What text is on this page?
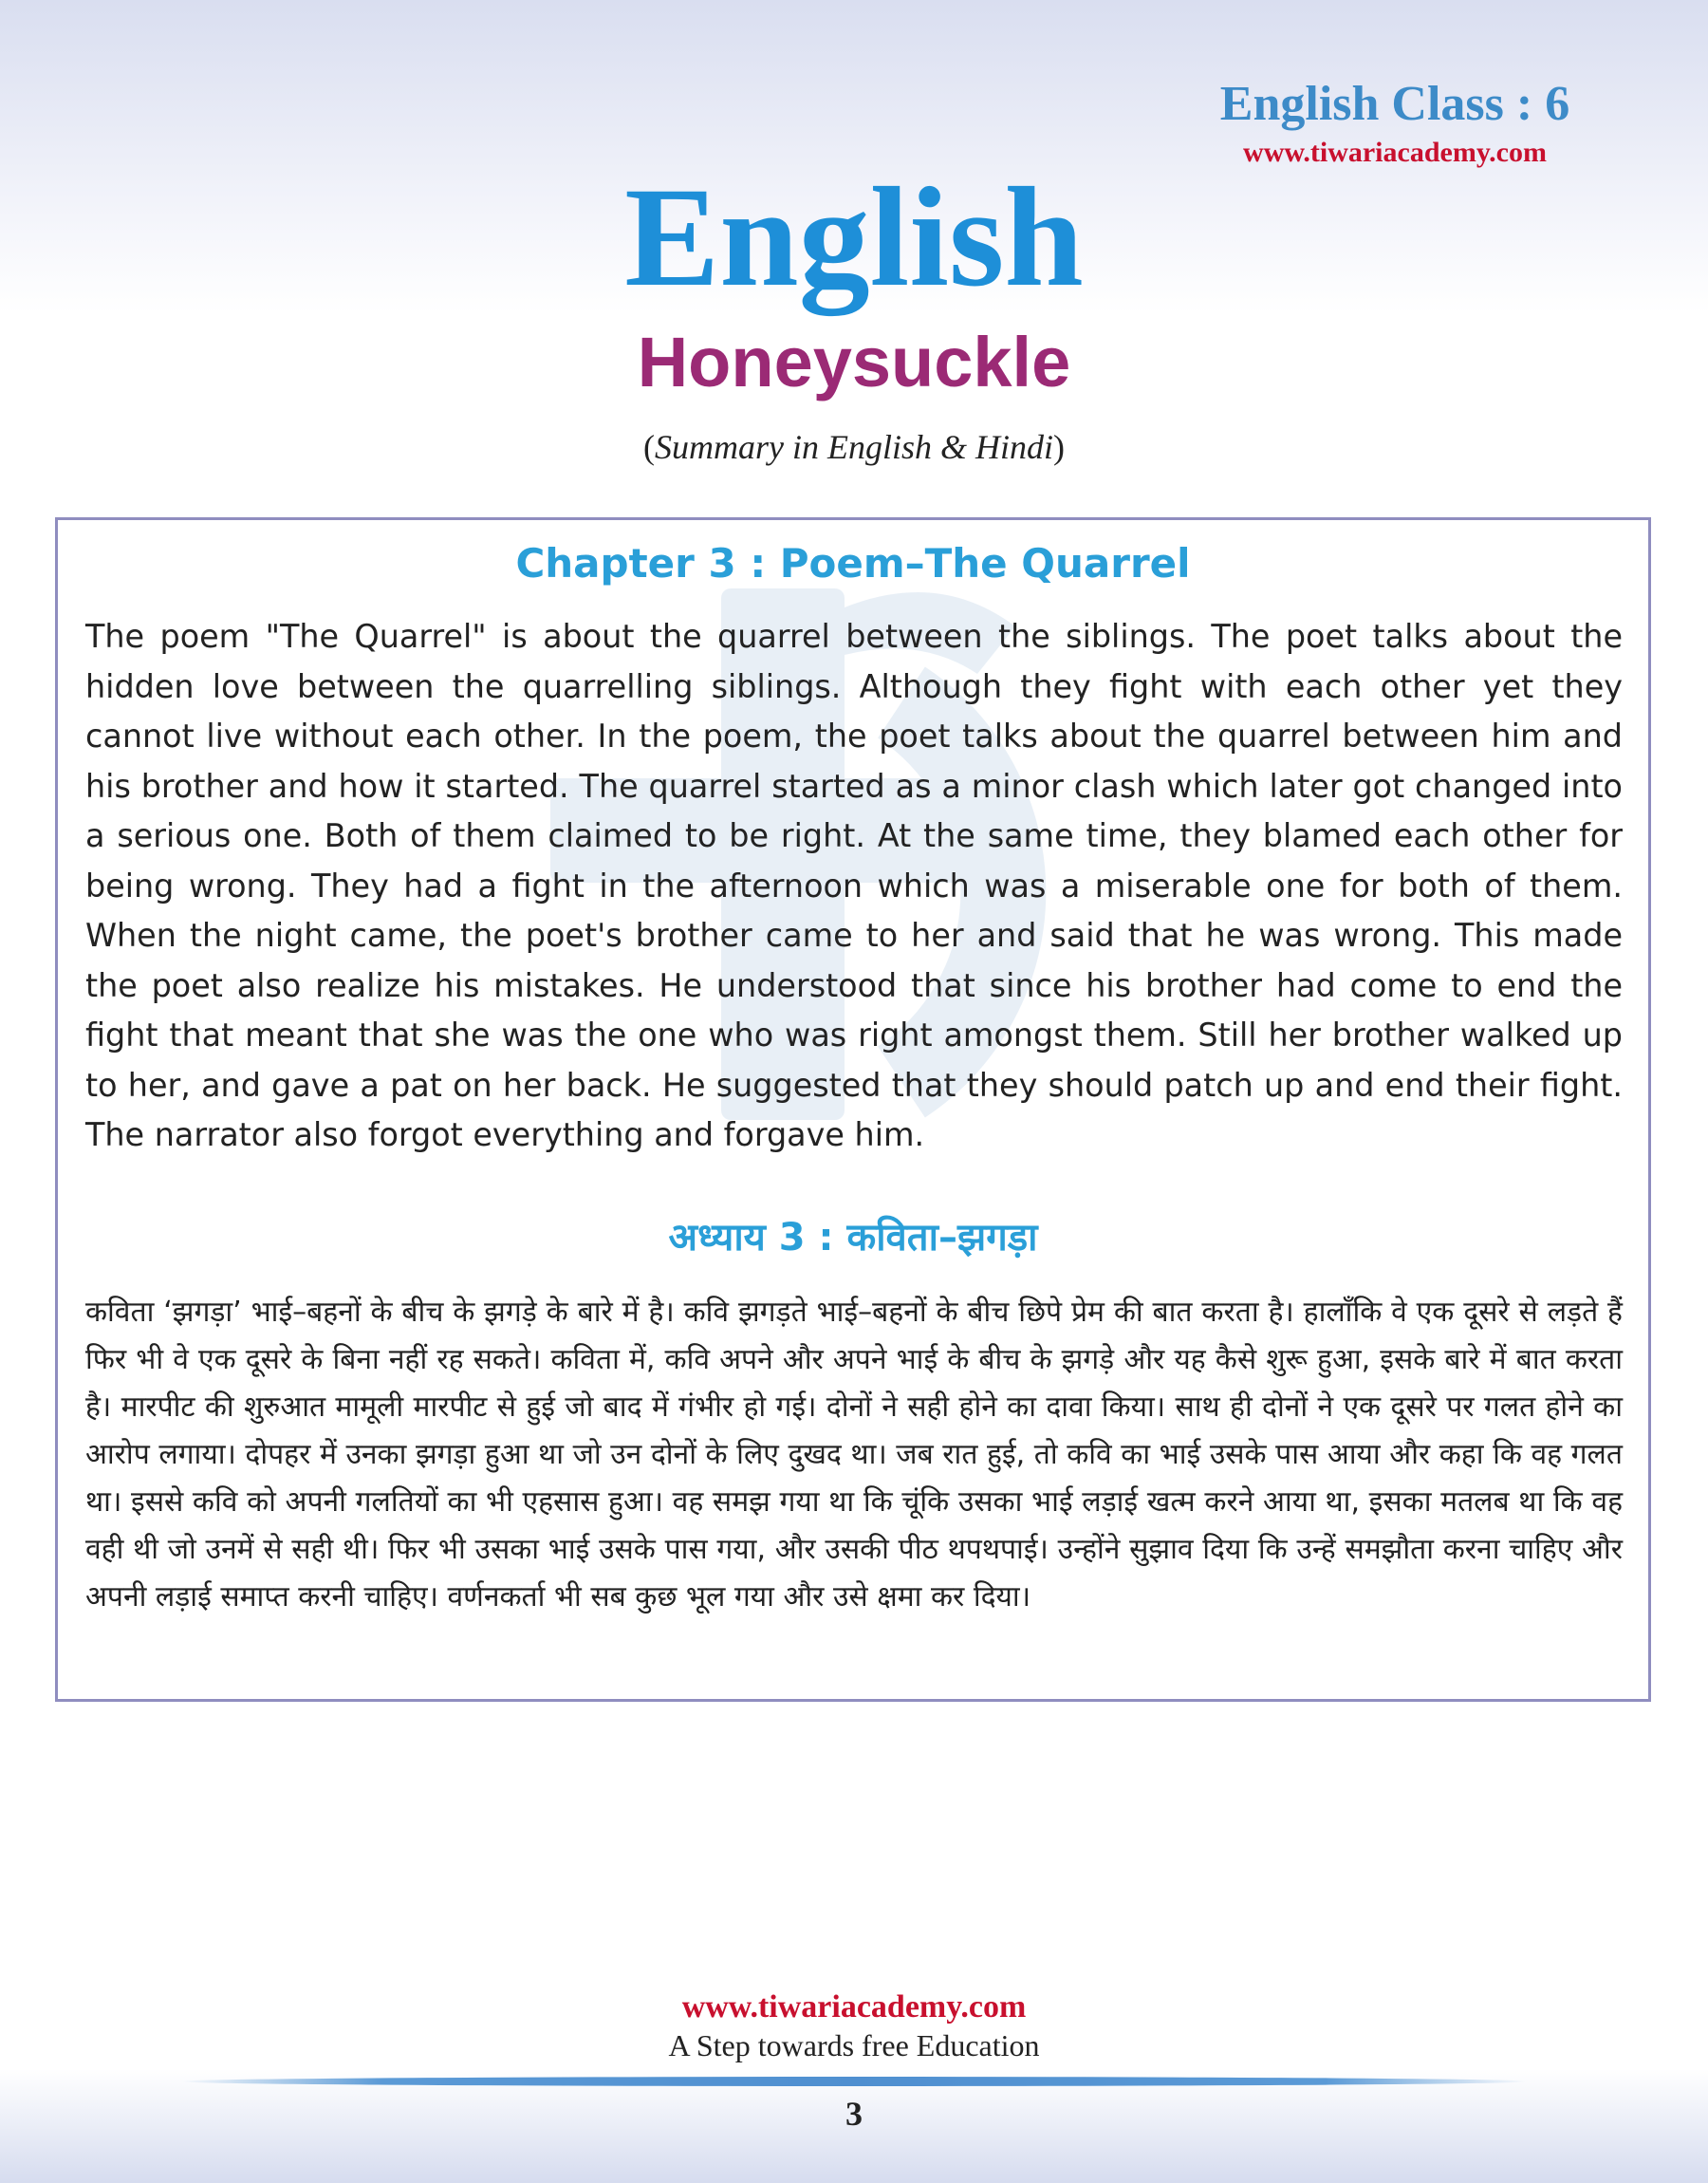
English Class : 6
www.tiwariacademy.com
English
Honeysuckle
(Summary in English & Hindi)
Chapter 3 : Poem–The Quarrel

The poem "The Quarrel" is about the quarrel between the siblings. The poet talks about the hidden love between the quarrelling siblings. Although they fight with each other yet they cannot live without each other. In the poem, the poet talks about the quarrel between him and his brother and how it started. The quarrel started as a minor clash which later got changed into a serious one. Both of them claimed to be right. At the same time, they blamed each other for being wrong. They had a fight in the afternoon which was a miserable one for both of them. When the night came, the poet's brother came to her and said that he was wrong. This made the poet also realize his mistakes. He understood that since his brother had come to end the fight that meant that she was the one who was right amongst them. Still her brother walked up to her, and gave a pat on her back. He suggested that they should patch up and end their fight. The narrator also forgot everything and forgave him.

अध्याय 3 : कविता–झगड़ा

कविता ‘झगड़ा’ भाई–बहनों के बीच के झगड़े के बारे में है। कवि झगड़ते भाई–बहनों के बीच छिपे प्रेम की बात करता है। हालाँकि वे एक दूसरे से लड़ते हैं फिर भी वे एक दूसरे के बिना नहीं रह सकते। कविता में, कवि अपने और अपने भाई के बीच के झगड़े और यह कैसे शुरू हुआ, इसके बारे में बात करता है। मारपीट की शुरुआत मामूली मारपीट से हुई जो बाद में गंभीर हो गई। दोनों ने सही होने का दावा किया। साथ ही दोनों ने एक दूसरे पर गलत होने का आरोप लगाया। दोपहर में उनका झगड़ा हुआ था जो उन दोनों के लिए दुखद था। जब रात हुई, तो कवि का भाई उसके पास आया और कहा कि वह गलत था। इससे कवि को अपनी गलतियों का भी एहसास हुआ। वह समझ गया था कि चूंकि उसका भाई लड़ाई खत्म करने आया था, इसका मतलब था कि वह वही थी जो उनमें से सही थी। फिर भी उसका भाई उसके पास गया, और उसकी पीठ थपथपाई। उन्होंने सुझाव दिया कि उन्हें समझौता करना चाहिए और अपनी लड़ाई समाप्त करनी चाहिए। वर्णनकर्ता भी सब कुछ भूल गया और उसे क्षमा कर दिया।

www.tiwariacademy.com
A Step towards free Education
3
